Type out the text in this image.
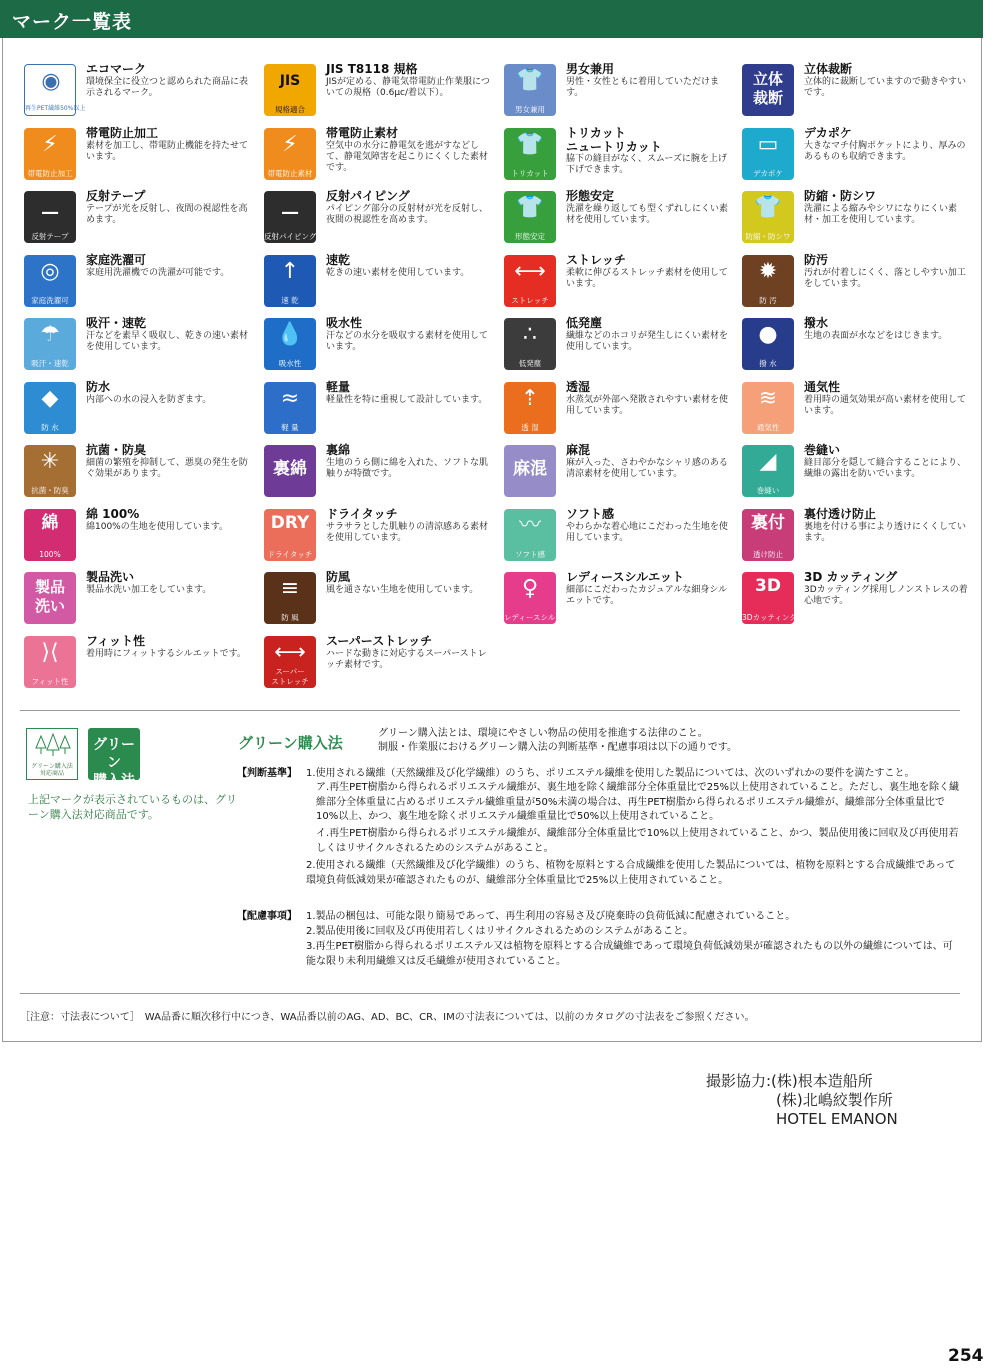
マーク一覧表
◉
再生PET繊維50%以上
エコマーク
環境保全に役立つと認められた商品に表示されるマーク。
JIS
規格適合
JIS T8118 規格
JISが定める、静電気帯電防止作業服についての規格（0.6μc/着以下）。	👕
男女兼用
男女兼用
男性・女性ともに着用していただけます。
立体
裁断
立体裁断
立体的に裁断していますので動きやすいです。
⚡
帯電防止加工
帯電防止加工
素材を加工し、帯電防止機能を持たせています。	⚡
帯電防止素材
帯電防止素材
空気中の水分に静電気を逃がすなどして、静電気障害を起こりにくくした素材です。
👕
トリカット
トリカット
ニュートリカット
脇下の縫目がなく、スムーズに腕を上げ下げできます。
▭
デカポケ
デカポケ
大きなマチ付胸ポケットにより、厚みのあるものも収納できます。
⚊
反射テープ
反射テープ
テープが光を反射し、夜間の視認性を高めます。	⚊
反射パイピング
反射パイピング
パイピング部分の反射材が光を反射し、夜間の視認性を高めます。	👕
形態安定
形態安定
洗濯を繰り返しても型くずれしにくい素材を使用しています。	👕
防縮・防シワ
防縮・防シワ
洗濯による縮みやシワになりにくい素材・加工を使用しています。
◎
家庭洗濯可
家庭洗濯可
家庭用洗濯機での洗濯が可能です。	↑
速 乾
速乾
乾きの速い素材を使用しています。	⟷
ストレッチ
ストレッチ
柔軟に伸びるストレッチ素材を使用しています。	✹
防 汚
防汚
汚れが付着しにくく、落としやすい加工をしています。
☂
吸汗・速乾
吸汗・速乾
汗などを素早く吸収し、乾きの速い素材を使用しています。	💧
吸水性
吸水性
汗などの水分を吸収する素材を使用しています。	∴
低発塵
低発塵
繊維などのホコリが発生しにくい素材を使用しています。	●
撥 水
撥水
生地の表面が水などをはじきます。
◆
防 水
防水
内部への水の浸入を防ぎます。	≈
軽 量
軽量
軽量性を特に重視して設計しています。	⇡
透 湿
透湿
水蒸気が外部へ発散されやすい素材を使用しています。	≋
通気性
通気性
着用時の通気効果が高い素材を使用しています。
✳
抗菌・防臭
抗菌・防臭
細菌の繁殖を抑制して、悪臭の発生を防ぐ効果があります。	裏綿
裏綿
生地のうら側に綿を入れた、ソフトな肌触りが特徴です。	麻混
麻混
麻が入った、さわやかなシャリ感のある清涼素材を使用しています。	◢
巻縫い
巻縫い
縫目部分を隠して縫合することにより、繊維の露出を防いでいます。
綿
100%
綿 100%
綿100%の生地を使用しています。	DRY
ドライタッチ
ドライタッチ
サラサラとした肌触りの清涼感ある素材を使用しています。	〰
ソフト感
ソフト感
やわらかな着心地にこだわった生地を使用しています。
裏付
透け防止
裏付透け防止
裏地を付ける事により透けにくくしています。
製品
洗い
製品洗い
製品水洗い加工をしています。	≡
防 風
防風
風を通さない生地を使用しています。	♀
レディースシルエット
レディースシルエット
細部にこだわったカジュアルな細身シルエットです。
3D
3Dカッティング
3D カッティング
3Dカッティング採用しノンストレスの着心地です。
⟩⟨
フィット性
フィット性
着用時にフィットするシルエットです。	⟷
スーパー
ストレッチ
スーパーストレッチ
ハードな動きに対応するスーパーストレッチ素材です。
グリーン購入法
対応商品
グリーン
購入法
上記マークが表示されているものは、グリーン購入法対応商品です。
グリーン購入法
グリーン購入法とは、環境にやさしい物品の使用を推進する法律のこと。
制服・作業服におけるグリーン購入法の判断基準・配慮事項は以下の通りです。
【判断基準】 1.使用される繊維（天然繊維及び化学繊維）のうち、ポリエステル繊維を使用した製品については、次のいずれかの要件を満たすこと。
ア.再生PET樹脂から得られるポリエステル繊維が、裏生地を除く繊維部分全体重量比で25%以上使用されていること。ただし、裏生地を除く繊維部分全体重量に占めるポリエステル繊維重量が50%未満の場合は、再生PET樹脂から得られるポリエステル繊維が、繊維部分全体重量比で10%以上、かつ、裏生地を除くポリエステル繊維重量比で50%以上使用されていること。
イ.再生PET樹脂から得られるポリエステル繊維が、繊維部分全体重量比で10%以上使用されていること、かつ、製品使用後に回収及び再使用若しくはリサイクルされるためのシステムがあること。
2.使用される繊維（天然繊維及び化学繊維）のうち、植物を原料とする合成繊維を使用した製品については、植物を原料とする合成繊維であって環境負荷低減効果が確認されたものが、繊維部分全体重量比で25%以上使用されていること。
【配慮事項】 1.製品の梱包は、可能な限り簡易であって、再生利用の容易さ及び廃棄時の負荷低減に配慮されていること。
2.製品使用後に回収及び再使用若しくはリサイクルされるためのシステムがあること。
3.再生PET樹脂から得られるポリエステル又は植物を原料とする合成繊維であって環境負荷低減効果が確認されたもの以外の繊維については、可能な限り未利用繊維又は反毛繊維が使用されていること。
［注意：寸法表について］　WA品番に順次移行中につき、WA品番以前のAG、AD、BC、CR、IMの寸法表については、以前のカタログの寸法表をご参照ください。
撮影協力:(株)根本造船所
(株)北嶋絞製作所
HOTEL EMANON
254
